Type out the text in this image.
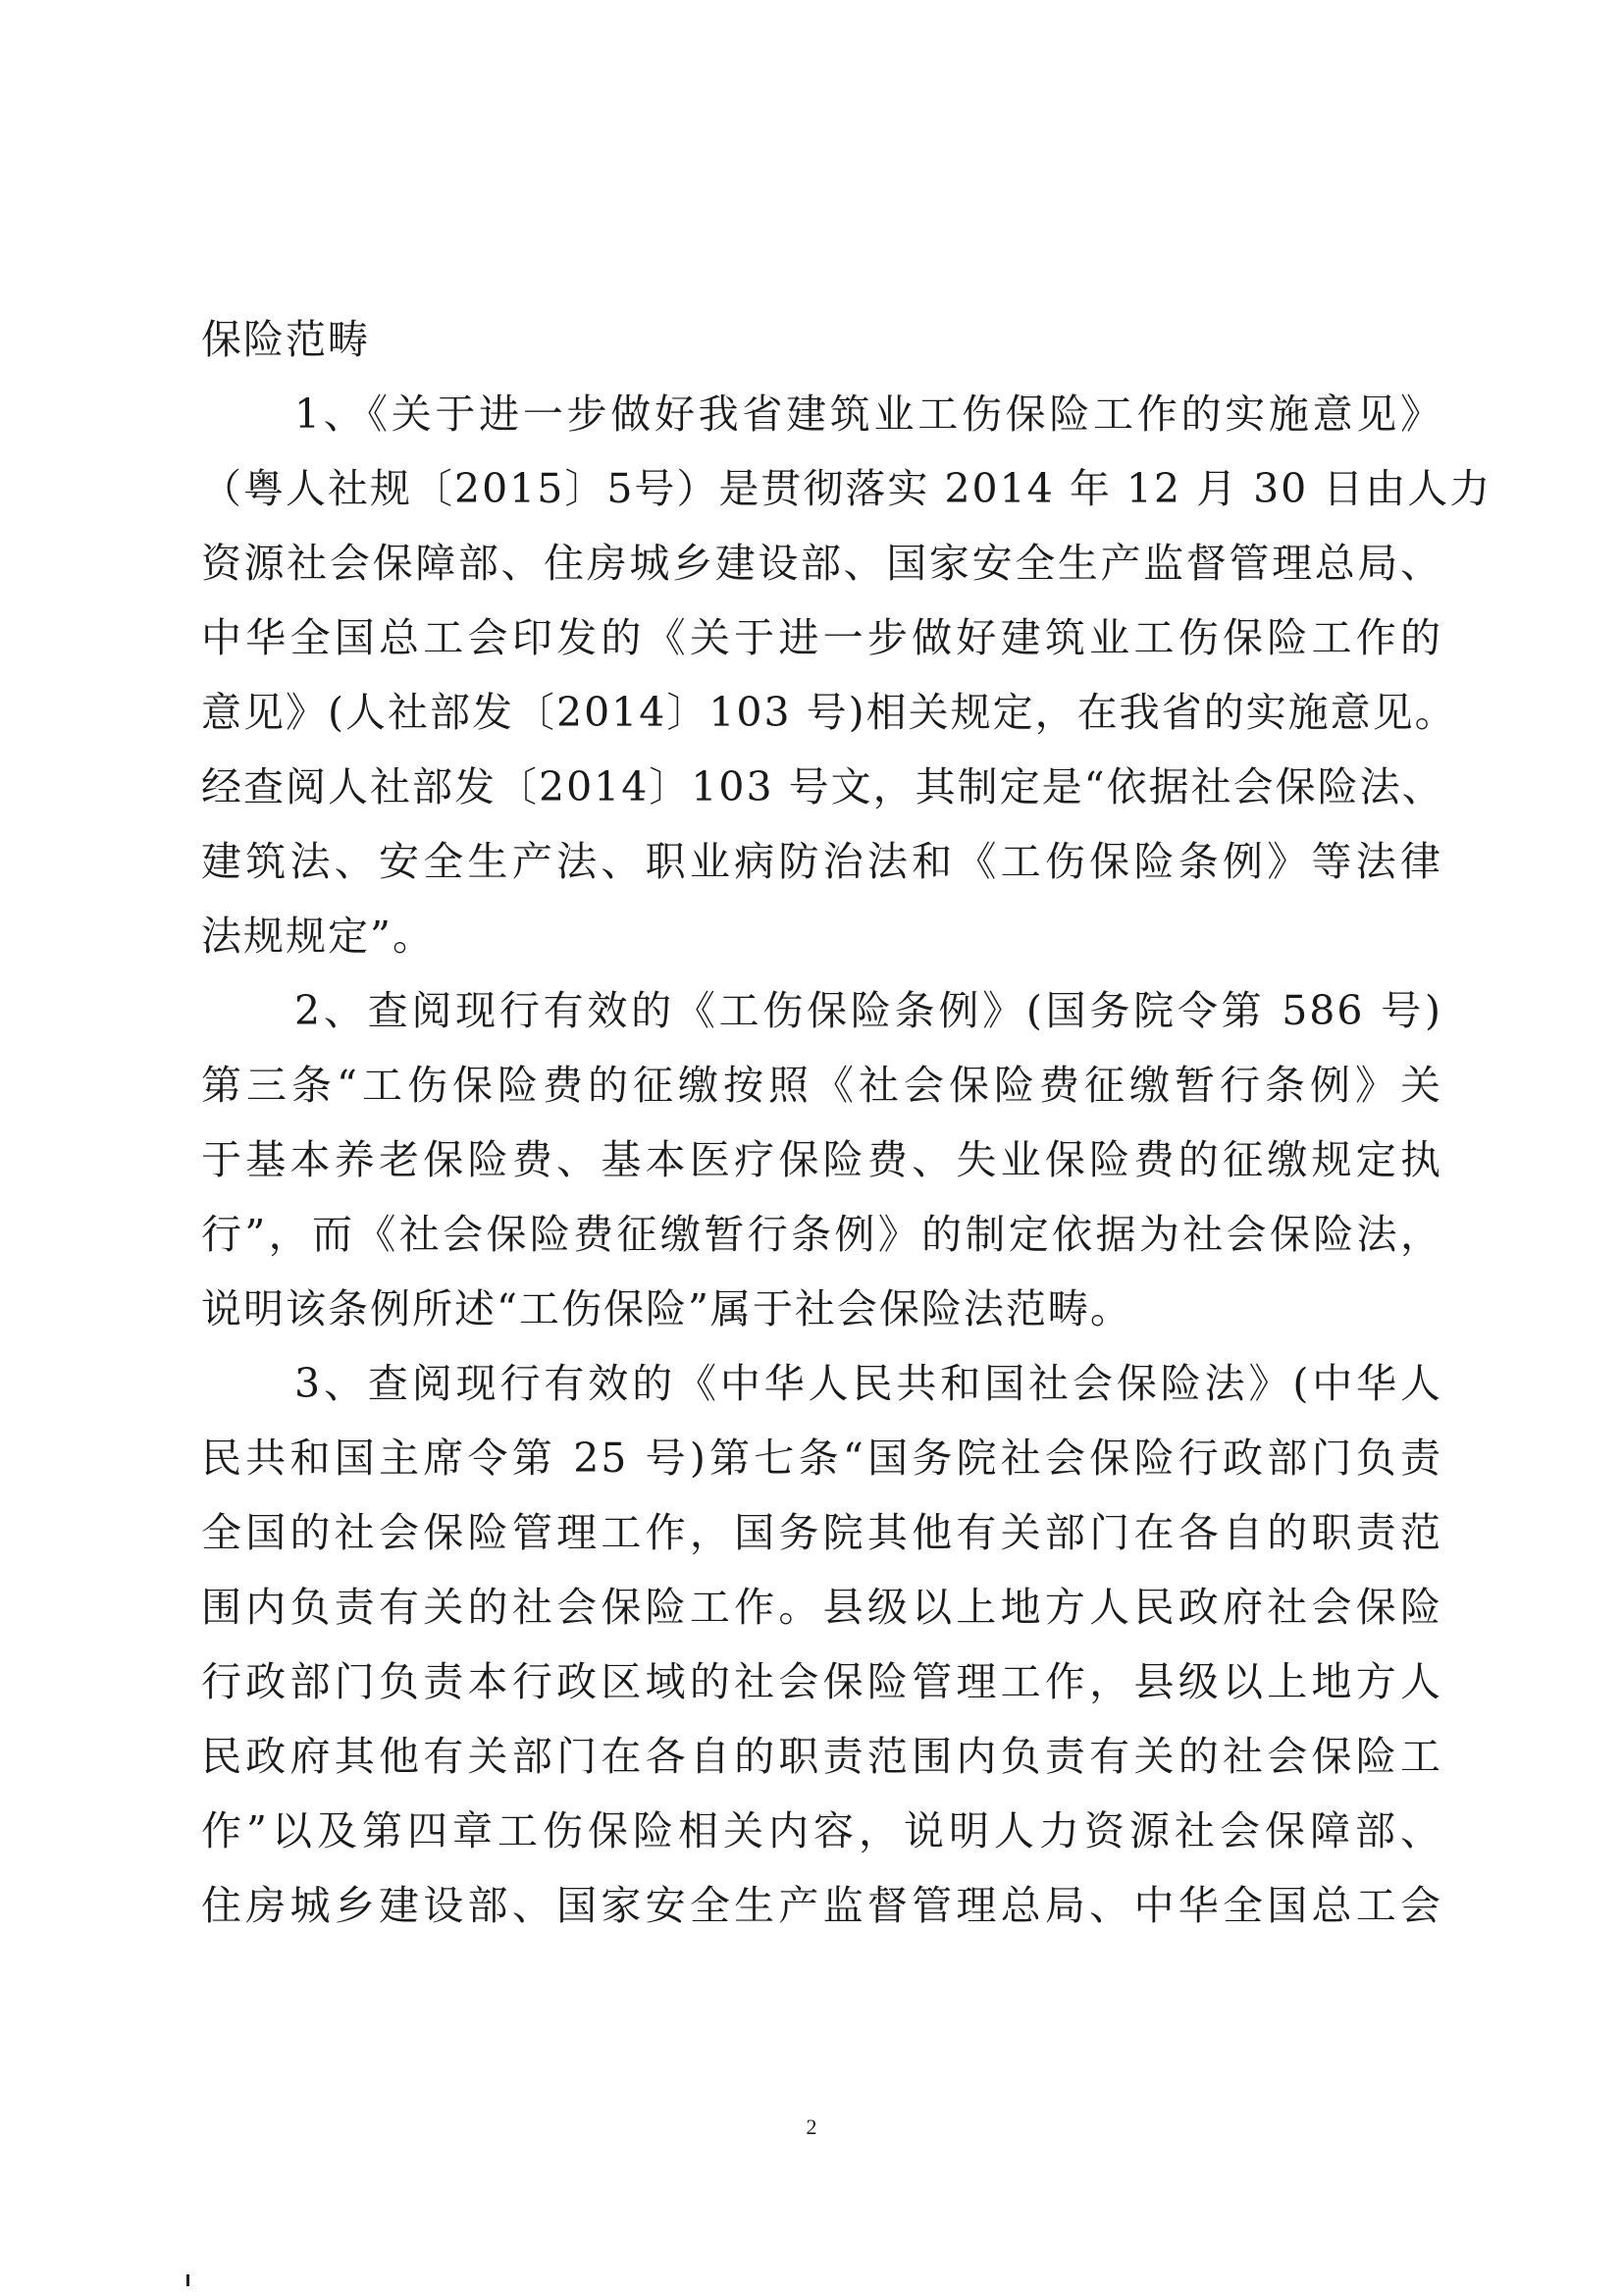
保险范畴
1、《关于进一步做好我省建筑业工伤保险工作的实施意见》
（粤人社规〔2015〕5号）是贯彻落实 2014 年 12 月 30 日由人力
资源社会保障部、住房城乡建设部、国家安全生产监督管理总局、
中华全国总工会印发的《关于进一步做好建筑业工伤保险工作的
意见》(人社部发〔2014〕103 号)相关规定，在我省的实施意见。
经查阅人社部发〔2014〕103 号文，其制定是“依据社会保险法、
建筑法、安全生产法、职业病防治法和《工伤保险条例》等法律
法规规定”。
2、查阅现行有效的《工伤保险条例》(国务院令第 586 号)
第三条“工伤保险费的征缴按照《社会保险费征缴暂行条例》关
于基本养老保险费、基本医疗保险费、失业保险费的征缴规定执
行”，而《社会保险费征缴暂行条例》的制定依据为社会保险法，
说明该条例所述“工伤保险”属于社会保险法范畴。
3、查阅现行有效的《中华人民共和国社会保险法》(中华人
民共和国主席令第 25 号)第七条“国务院社会保险行政部门负责
全国的社会保险管理工作，国务院其他有关部门在各自的职责范
围内负责有关的社会保险工作。县级以上地方人民政府社会保险
行政部门负责本行政区域的社会保险管理工作，县级以上地方人
民政府其他有关部门在各自的职责范围内负责有关的社会保险工
作”以及第四章工伤保险相关内容，说明人力资源社会保障部、
住房城乡建设部、国家安全生产监督管理总局、中华全国总工会
2
